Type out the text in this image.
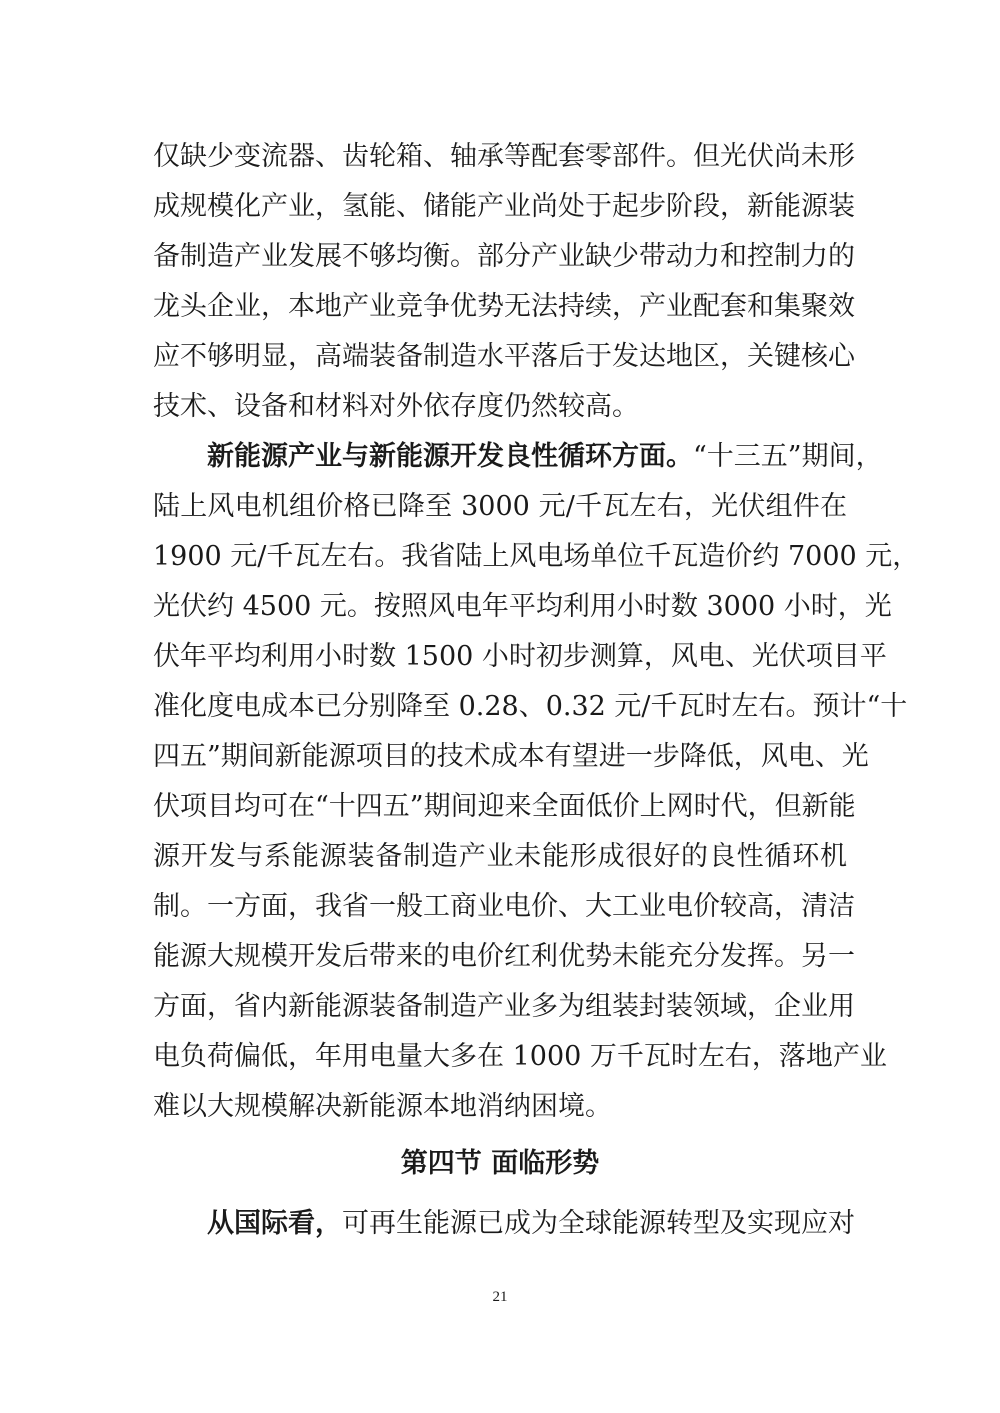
仅缺少变流器、齿轮箱、轴承等配套零部件。但光伏尚未形
成规模化产业，氢能、储能产业尚处于起步阶段，新能源装
备制造产业发展不够均衡。部分产业缺少带动力和控制力的
龙头企业，本地产业竞争优势无法持续，产业配套和集聚效
应不够明显，高端装备制造水平落后于发达地区，关键核心
技术、设备和材料对外依存度仍然较高。
新能源产业与新能源开发良性循环方面。“十三五”期间，
陆上风电机组价格已降至 3000 元/千瓦左右，光伏组件在
1900 元/千瓦左右。我省陆上风电场单位千瓦造价约 7000 元，
光伏约 4500 元。按照风电年平均利用小时数 3000 小时，光
伏年平均利用小时数 1500 小时初步测算，风电、光伏项目平
准化度电成本已分别降至 0.28、0.32 元/千瓦时左右。预计“十
四五”期间新能源项目的技术成本有望进一步降低，风电、光
伏项目均可在“十四五”期间迎来全面低价上网时代，但新能
源开发与系能源装备制造产业未能形成很好的良性循环机
制。一方面，我省一般工商业电价、大工业电价较高，清洁
能源大规模开发后带来的电价红利优势未能充分发挥。另一
方面，省内新能源装备制造产业多为组装封装领域，企业用
电负荷偏低，年用电量大多在 1000 万千瓦时左右，落地产业
难以大规模解决新能源本地消纳困境。
第四节 面临形势
从国际看，可再生能源已成为全球能源转型及实现应对
21
